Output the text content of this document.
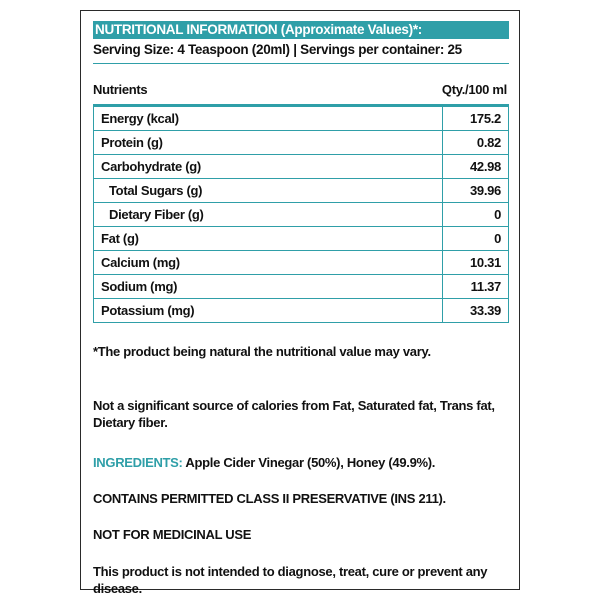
NUTRITIONAL INFORMATION (Approximate Values)*:
Serving Size: 4 Teaspoon (20ml) | Servings per container: 25
Nutrients	Qty./100 ml
Energy (kcal)	175.2
Protein (g)	0.82
Carbohydrate (g)	42.98
Total Sugars (g)	39.96
Dietary Fiber (g)	0
Fat (g)	0
Calcium (mg)	10.31
Sodium (mg)	11.37
Potassium (mg)	33.39
*The product being natural the nutritional value may vary.
Not a significant source of calories from Fat, Saturated fat, Trans fat, Dietary fiber.
INGREDIENTS: Apple Cider Vinegar (50%), Honey (49.9%).
CONTAINS PERMITTED CLASS II PRESERVATIVE (INS 211).
NOT FOR MEDICINAL USE
This product is not intended to diagnose, treat, cure or prevent any disease.
